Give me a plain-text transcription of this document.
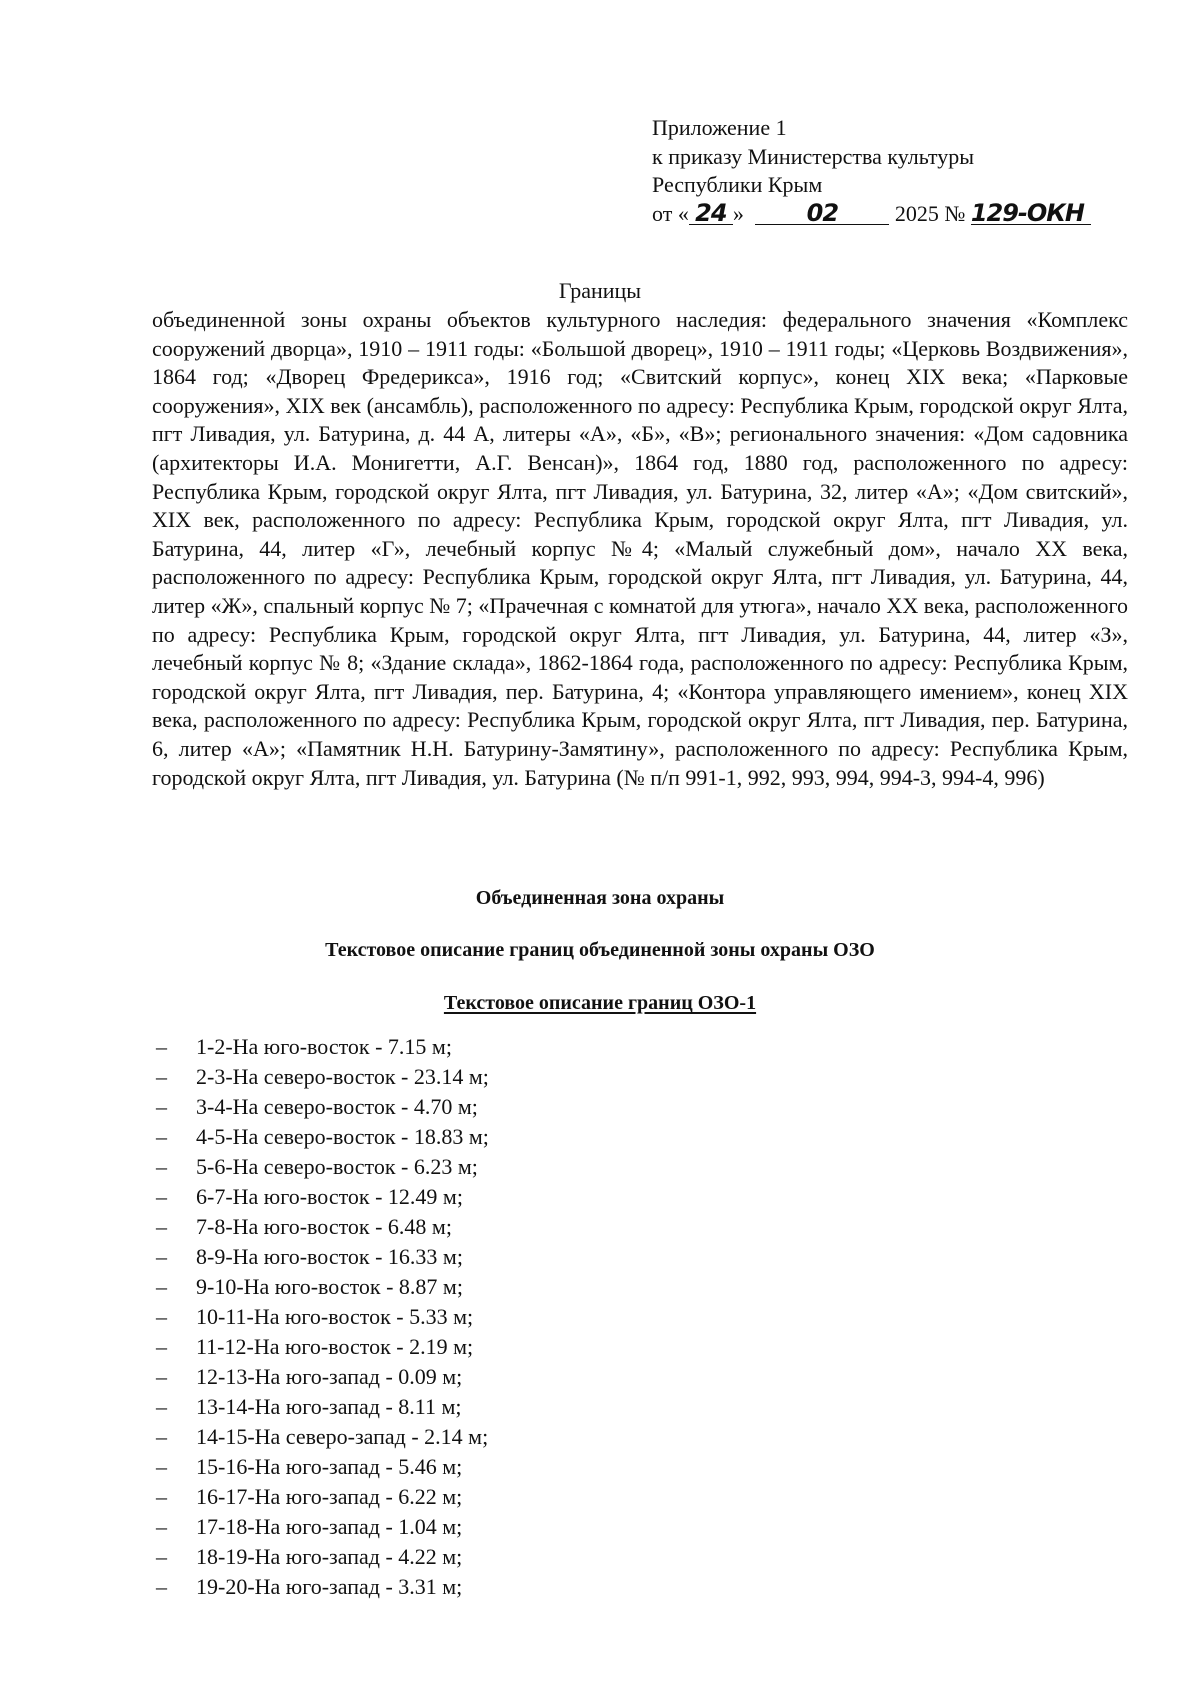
Приложение 1
к приказу Министерства культуры
Республики Крым
от « 24 »	02	2025 № 129-ОКН
Границы
объединенной зоны охраны объектов культурного наследия: федерального значения «Комплекс сооружений дворца», 1910 – 1911 годы: «Большой дворец», 1910 – 1911 годы; «Церковь Воздвижения», 1864 год; «Дворец Фредерикса», 1916 год; «Свитский корпус», конец XIX века; «Парковые сооружения», XIX век (ансамбль), расположенного по адресу: Республика Крым, городской округ Ялта, пгт Ливадия, ул. Батурина, д. 44 А, литеры «А», «Б», «В»; регионального значения: «Дом садовника (архитекторы И.А. Монигетти, А.Г. Венсан)», 1864 год, 1880 год, расположенного по адресу: Республика Крым, городской округ Ялта, пгт Ливадия, ул. Батурина, 32, литер «А»; «Дом свитский», XIX век, расположенного по адресу: Республика Крым, городской округ Ялта, пгт Ливадия, ул. Батурина, 44, литер «Г», лечебный корпус №4; «Малый служебный дом», начало XX века, расположенного по адресу: Республика Крым, городской округ Ялта, пгт Ливадия, ул. Батурина, 44, литер «Ж», спальный корпус № 7; «Прачечная с комнатой для утюга», начало XX века, расположенного по адресу: Республика Крым, городской округ Ялта, пгт Ливадия, ул. Батурина, 44, литер «З», лечебный корпус № 8; «Здание склада», 1862-1864 года, расположенного по адресу: Республика Крым, городской округ Ялта, пгт Ливадия, пер. Батурина, 4; «Контора управляющего имением», конец XIX века, расположенного по адресу: Республика Крым, городской округ Ялта, пгт Ливадия, пер. Батурина, 6, литер «А»; «Памятник Н.Н. Батурину-Замятину», расположенного по адресу: Республика Крым, городской округ Ялта, пгт Ливадия, ул. Батурина (№ п/п 991-1, 992, 993, 994, 994-3, 994-4, 996)
Объединенная зона охраны
Текстовое описание границ объединенной зоны охраны ОЗО
Текстовое описание границ ОЗО-1
– 1-2-На юго-восток - 7.15 м;
– 2-3-На северо-восток - 23.14 м;
– 3-4-На северо-восток - 4.70 м;
– 4-5-На северо-восток - 18.83 м;
– 5-6-На северо-восток - 6.23 м;
– 6-7-На юго-восток - 12.49 м;
– 7-8-На юго-восток - 6.48 м;
– 8-9-На юго-восток - 16.33 м;
– 9-10-На юго-восток - 8.87 м;
– 10-11-На юго-восток - 5.33 м;
– 11-12-На юго-восток - 2.19 м;
– 12-13-На юго-запад - 0.09 м;
– 13-14-На юго-запад - 8.11 м;
– 14-15-На северо-запад - 2.14 м;
– 15-16-На юго-запад - 5.46 м;
– 16-17-На юго-запад - 6.22 м;
– 17-18-На юго-запад - 1.04 м;
– 18-19-На юго-запад - 4.22 м;
– 19-20-На юго-запад - 3.31 м;
